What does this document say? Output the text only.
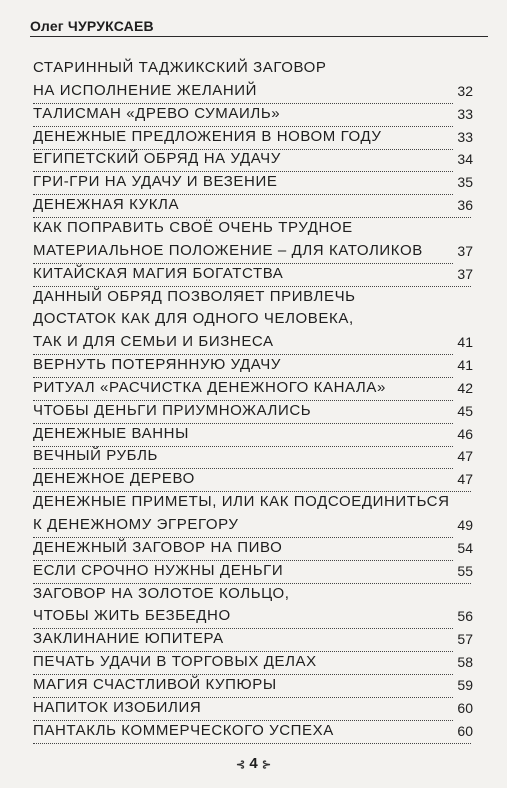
Олег ЧУРУКСАЕВ
СТАРИННЫЙ ТАДЖИКСКИЙ ЗАГОВОР
НА ИСПОЛНЕНИЕ ЖЕЛАНИЙ	32
ТАЛИСМАН «ДРЕВО СУМАИЛЬ»	33
ДЕНЕЖНЫЕ ПРЕДЛОЖЕНИЯ В НОВОМ ГОДУ	33
ЕГИПЕТСКИЙ ОБРЯД НА УДАЧУ	34
ГРИ-ГРИ НА УДАЧУ И ВЕЗЕНИЕ	35
ДЕНЕЖНАЯ КУКЛА	36
КАК ПОПРАВИТЬ СВОЁ ОЧЕНЬ ТРУДНОЕ
МАТЕРИАЛЬНОЕ ПОЛОЖЕНИЕ – ДЛЯ КАТОЛИКОВ 37
КИТАЙСКАЯ МАГИЯ БОГАТСТВА	37
ДАННЫЙ ОБРЯД ПОЗВОЛЯЕТ ПРИВЛЕЧЬ
ДОСТАТОК КАК ДЛЯ ОДНОГО ЧЕЛОВЕКА,
ТАК И ДЛЯ СЕМЬИ И БИЗНЕСА	41
ВЕРНУТЬ ПОТЕРЯННУЮ УДАЧУ	41
РИТУАЛ «РАСЧИСТКА ДЕНЕЖНОГО КАНАЛА»	42
ЧТОБЫ ДЕНЬГИ ПРИУМНОЖАЛИСЬ	45
ДЕНЕЖНЫЕ ВАННЫ	46
ВЕЧНЫЙ РУБЛЬ	47
ДЕНЕЖНОЕ ДЕРЕВО	47
ДЕНЕЖНЫЕ ПРИМЕТЫ, ИЛИ КАК ПОДСОЕДИНИТЬСЯ
К ДЕНЕЖНОМУ ЭГРЕГОРУ	49
ДЕНЕЖНЫЙ ЗАГОВОР НА ПИВО	54
ЕСЛИ СРОЧНО НУЖНЫ ДЕНЬГИ	55
ЗАГОВОР НА ЗОЛОТОЕ КОЛЬЦО,
ЧТОБЫ ЖИТЬ БЕЗБЕДНО	56
ЗАКЛИНАНИЕ ЮПИТЕРА	57
ПЕЧАТЬ УДАЧИ В ТОРГОВЫХ ДЕЛАХ	58
МАГИЯ СЧАСТЛИВОЙ КУПЮРЫ	59
НАПИТОК ИЗОБИЛИЯ	60
ПАНТАКЛЬ КОММЕРЧЕСКОГО УСПЕХА	60
⊰ 4 ⊱
